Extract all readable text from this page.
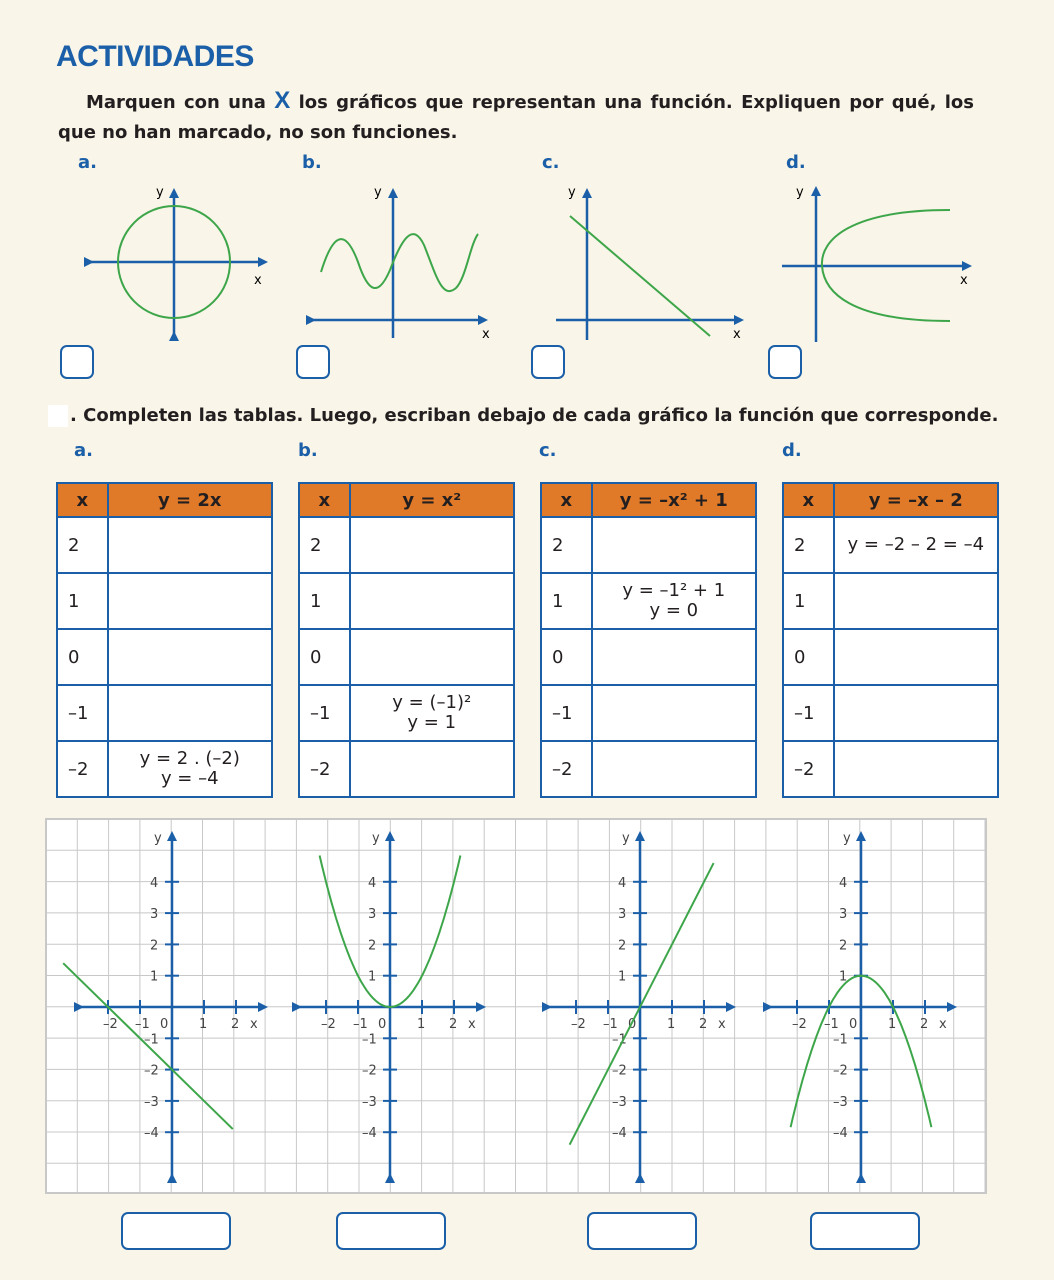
ACTIVIDADES
Marquen con una X los gráficos que representan una función. Expliquen por qué, los que no han marcado, no son funciones.
a.	b.	c.	d.
y
x
y
x
y
x
y
x
. Completen las tablas. Luego, escriban debajo de cada gráfico la función que corresponde.
a.	b.	c.	d.
x	y = 2x
2	
1	
0	
–1	
–2	y = 2 . (–2)
y = –4
x	y = x²
2	
1	
0	
–1	y = (–1)²
y = 1

–2	
x	y = –x² + 1
2	
1	y = –1² + 1
y = 0

0	
–1	
–2	
x	y = –x – 2
2	y = –2 – 2 = –4

1	
0	
–1	
–2	
–2 –1 0 1 2
4
3
2
1
–1
–2
–3
–4
x
y
–2 –1 0 1 2
4
3
2
1
–1
–2
–3
–4
x
y
–2 –1 0 1 2
4
3
2
1
–1
–2
–3
–4
x
y
–2 –1 0 1 2
4
3
2
1
–1
–2
–3
–4
x
y
